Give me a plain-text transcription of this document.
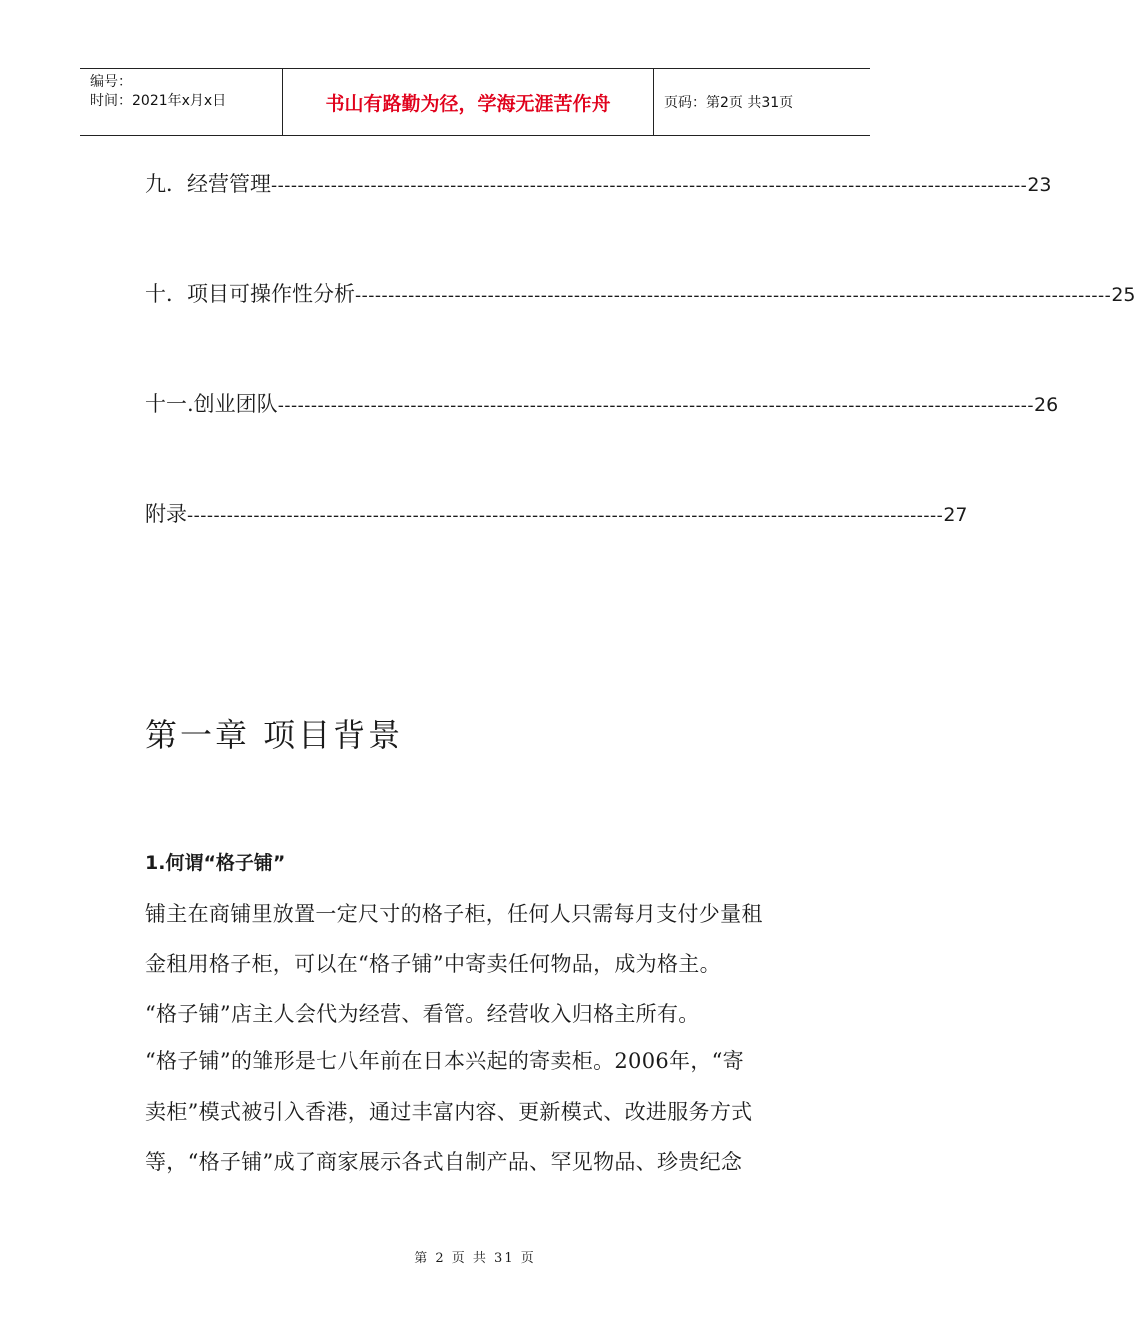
编号：
时间：2021年x月x日	书山有路勤为径，学海无涯苦作舟	页码：第2页 共31页
九．经营管理 ------------------------------------------------------------------------------------------------------------------ 23
十．项目可操作性分析 ------------------------------------------------------------------------------------------------------------------ 25
十一.创业团队 ------------------------------------------------------------------------------------------------------------------ 26
附录 ------------------------------------------------------------------------------------------------------------------ 27
第一章 项目背景
1.何谓“格子铺”
铺主在商铺里放置一定尺寸的格子柜，任何人只需每月支付少量租
金租用格子柜，可以在“格子铺”中寄卖任何物品，成为格主。
“格子铺”店主人会代为经营、看管。经营收入归格主所有。
“格子铺”的雏形是七八年前在日本兴起的寄卖柜。2006年，“寄
卖柜”模式被引入香港，通过丰富内容、更新模式、改进服务方式
等，“格子铺”成了商家展示各式自制产品、罕见物品、珍贵纪念
第 2 页 共 31 页
